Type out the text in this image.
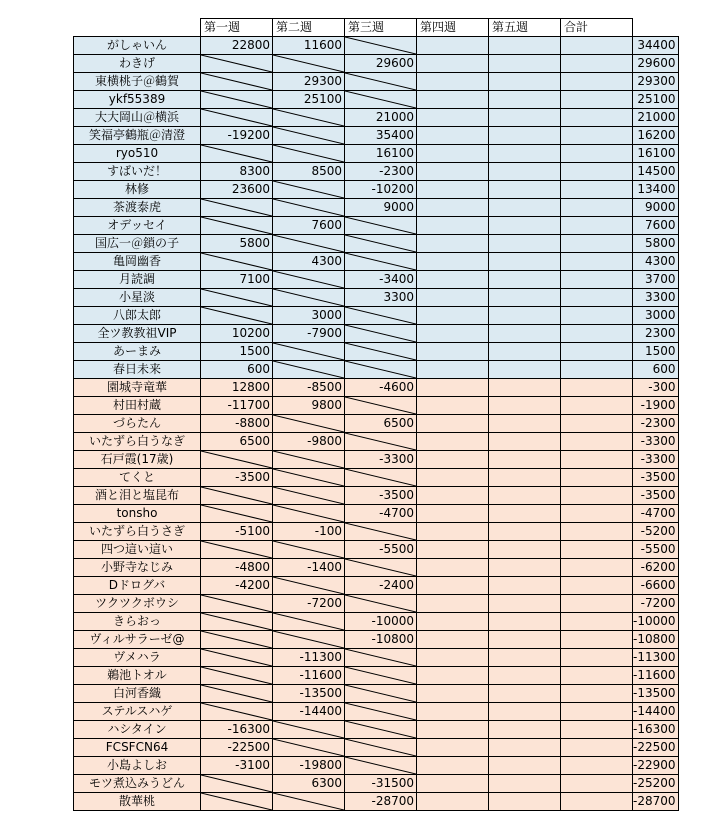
	第一週	第二週	第三週	第四週	第五週	合計	
がしゃいん	22800	11600					34400
わきげ			29600				29600
東横桃子＠鶴賀		29300					29300
ykf55389		25100					25100
大大岡山＠横浜			21000				21000
笑福亭鶴瓶＠清澄	-19200		35400				16200
ryo510			16100				16100
すばいだ！	8300	8500	-2300				14500
林修	23600		-10200				13400
茶渡泰虎			9000				9000
オデッセイ		7600					7600
国広一＠鎖の子	5800						5800
亀岡幽香		4300					4300
月読調	7100		-3400				3700
小星淡			3300				3300
八郎太郎		3000					3000
全ツ教教祖VIP	10200	-7900					2300
あーまみ	1500						1500
春日未来	600						600
園城寺竜華	12800	-8500	-4600				-300
村田村蔵	-11700	9800					-1900
づらたん	-8800		6500				-2300
いたずら白うなぎ	6500	-9800					-3300
石戸霞(17歳)			-3300				-3300
てくと	-3500						-3500
酒と泪と塩昆布			-3500				-3500
tonsho			-4700				-4700
いたずら白うさぎ	-5100	-100					-5200
四つ這い這い			-5500				-5500
小野寺なじみ	-4800	-1400					-6200
Dドログバ	-4200		-2400				-6600
ツクツクボウシ		-7200					-7200
きらおっ			-10000				-10000
ヴィルサラーゼ@			-10800				-10800
ヴメハラ		-11300					-11300
鵜池トオル		-11600					-11600
白河香織		-13500					-13500
ステルスハゲ		-14400					-14400
ハシタイン	-16300						-16300
FCSFCN64	-22500						-22500
小島よしお	-3100	-19800					-22900
モツ煮込みうどん		6300	-31500				-25200
散華桃			-28700				-28700
